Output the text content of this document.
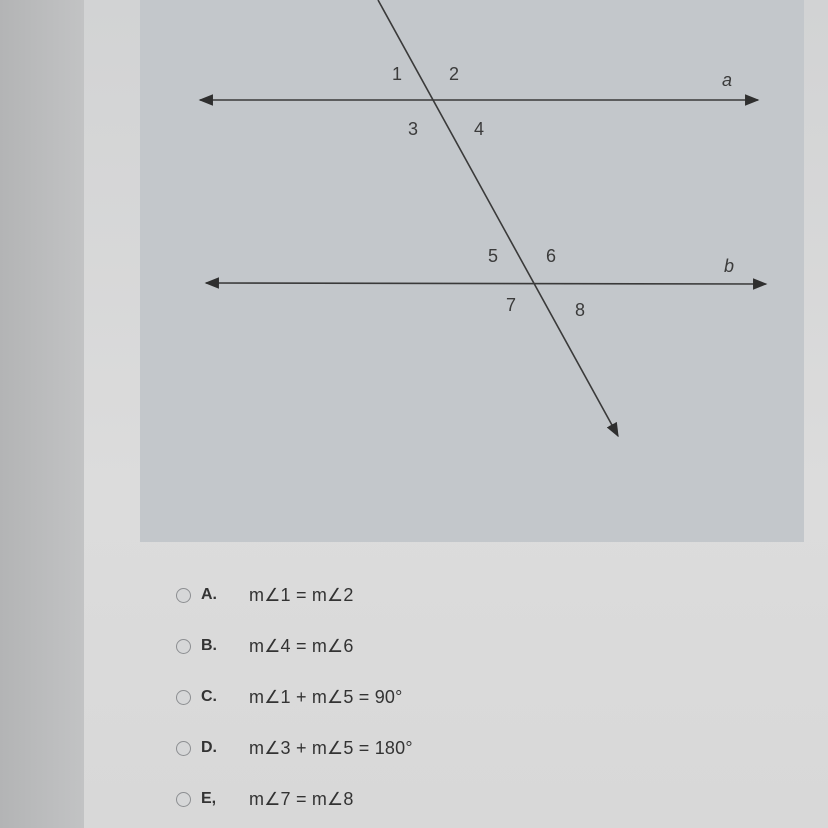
1	2
3	4
5	6
7	8
a
b
A.	m∠1 = m∠2
B.	m∠4 = m∠6
C.	m∠1 + m∠5 = 90°
D.	m∠3 + m∠5 = 180°
E,	m∠7 = m∠8
